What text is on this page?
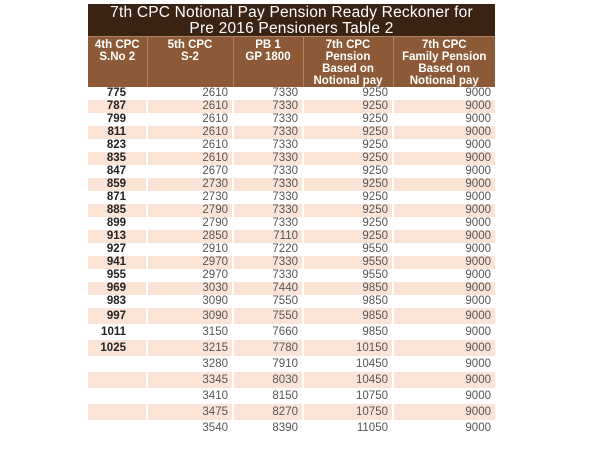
7th CPC Notional Pay Pension Ready Reckoner for
Pre 2016 Pensioners Table 2
4th CPC
S.No 2

5th CPC
S-2

PB 1
GP 1800

7th CPC
Pension
Based on
Notional pay

7th CPC
Family Pension
Based on
Notional pay

775	2610	7330	9250	9000

787	2610	7330	9250	9000

799	2610	7330	9250	9000

811	2610	7330	9250	9000

823	2610	7330	9250	9000

835	2610	7330	9250	9000

847	2670	7330	9250	9000

859	2730	7330	9250	9000

871	2730	7330	9250	9000

885	2790	7330	9250	9000

899	2790	7330	9250	9000

913	2850	7110	9250	9000

927	2910	7220	9550	9000

941	2970	7330	9550	9000

955	2970	7330	9550	9000

969	3030	7440	9850	9000

983	3090	7550	9850	9000

997	3090	7550	9850	9000

1011	3150	7660	9850	9000

1025	3215	7780	10150	9000

	3280	7910	10450	9000

	3345	8030	10450	9000

	3410	8150	10750	9000

	3475	8270	10750	9000

	3540	8390	11050	9000
